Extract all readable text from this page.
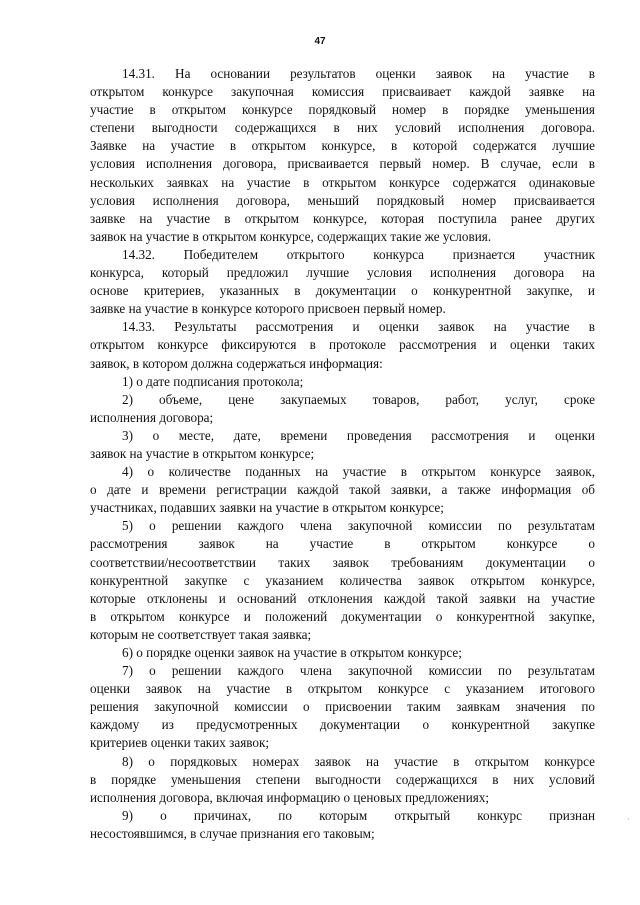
47
14.31. На основании результатов оценки заявок на участие в
открытом конкурсе закупочная комиссия присваивает каждой заявке на
участие в открытом конкурсе порядковый номер в порядке уменьшения
степени выгодности содержащихся в них условий исполнения договора.
Заявке на участие в открытом конкурсе, в которой содержатся лучшие
условия исполнения договора, присваивается первый номер. В случае, если в
нескольких заявках на участие в открытом конкурсе содержатся одинаковые
условия исполнения договора, меньший порядковый номер присваивается
заявке на участие в открытом конкурсе, которая поступила ранее других
заявок на участие в открытом конкурсе, содержащих такие же условия.
14.32. Победителем открытого конкурса признается участник
конкурса, который предложил лучшие условия исполнения договора на
основе критериев, указанных в документации о конкурентной закупке, и
заявке на участие в конкурсе которого присвоен первый номер.
14.33. Результаты рассмотрения и оценки заявок на участие в
открытом конкурсе фиксируются в протоколе рассмотрения и оценки таких
заявок, в котором должна содержаться информация:
1) о дате подписания протокола;
2) объеме, цене закупаемых товаров, работ, услуг, сроке
исполнения договора;
3) о месте, дате, времени проведения рассмотрения и оценки
заявок на участие в открытом конкурсе;
4) о количестве поданных на участие в открытом конкурсе заявок,
о дате и времени регистрации каждой такой заявки, а также информация об
участниках, подавших заявки на участие в открытом конкурсе;
5) о решении каждого члена закупочной комиссии по результатам
рассмотрения заявок на участие в открытом конкурсе о
соответствии/несоответствии таких заявок требованиям документации о
конкурентной закупке с указанием количества заявок открытом конкурсе,
которые отклонены и оснований отклонения каждой такой заявки на участие
в открытом конкурсе и положений документации о конкурентной закупке,
которым не соответствует такая заявка;
6) о порядке оценки заявок на участие в открытом конкурсе;
7) о решении каждого члена закупочной комиссии по результатам
оценки заявок на участие в открытом конкурсе с указанием итогового
решения закупочной комиссии о присвоении таким заявкам значения по
каждому из предусмотренных документации о конкурентной закупке
критериев оценки таких заявок;
8) о порядковых номерах заявок на участие в открытом конкурсе
в порядке уменьшения степени выгодности содержащихся в них условий
исполнения договора, включая информацию о ценовых предложениях;
9) о причинах, по которым открытый конкурс признан
несостоявшимся, в случае признания его таковым;
·
